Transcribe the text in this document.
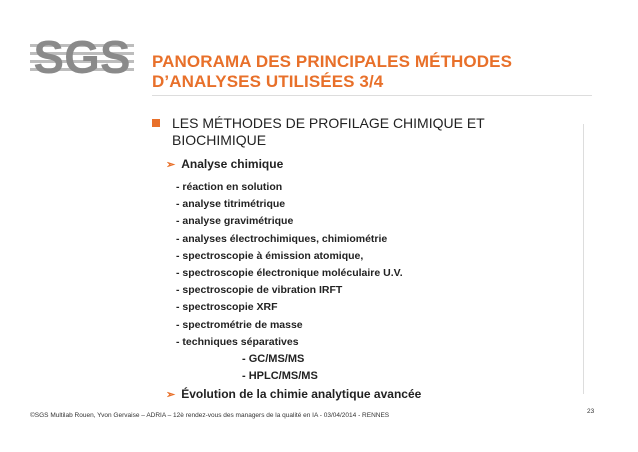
SGS PANORAMA DES PRINCIPALES MÉTHODES
D’ANALYSES UTILISÉES 3/4
LES MÉTHODES DE PROFILAGE CHIMIQUE ET BIOCHIMIQUE
➢ Analyse chimique
- réaction en solution
- analyse titrimétrique
- analyse gravimétrique
- analyses électrochimiques, chimiométrie
- spectroscopie à émission atomique,
- spectroscopie électronique moléculaire U.V.
- spectroscopie de vibration IRFT
- spectroscopie XRF
- spectrométrie de masse
- techniques séparatives
- GC/MS/MS
- HPLC/MS/MS
➢ Évolution de la chimie analytique avancée
©SGS Multilab Rouen, Yvon Gervaise – ADRIA – 12è rendez-vous des managers de la qualité en IA - 03/04/2014 - RENNES
23
